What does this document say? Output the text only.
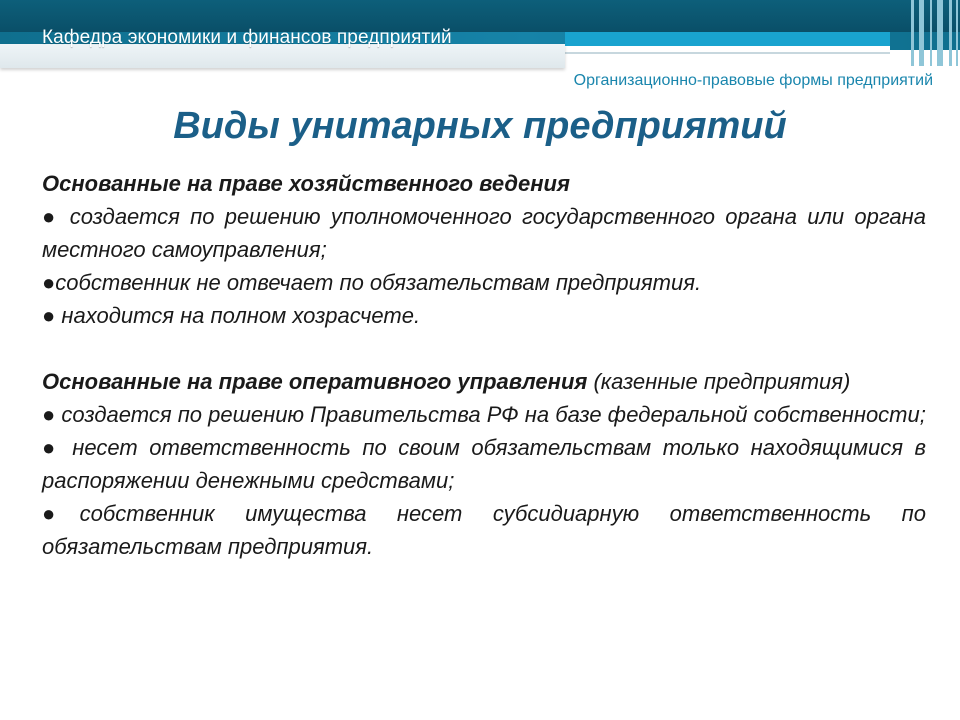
Кафедра экономики и финансов предприятий
Организационно-правовые формы предприятий
Виды унитарных предприятий

Основанные на праве хозяйственного ведения

● создается по решению уполномоченного государственного органа или органа местного самоуправления;

●собственник не отвечает по обязательствам предприятия.

● находится на полном хозрасчете.

Основанные на праве оперативного управления (казенные предприятия)

● создается по решению Правительства РФ на базе федеральной собственности;

● несет ответственность по своим обязательствам только находящимися в распоряжении денежными средствами;

●собственник имущества несет субсидиарную ответственность по обязательствам предприятия.
